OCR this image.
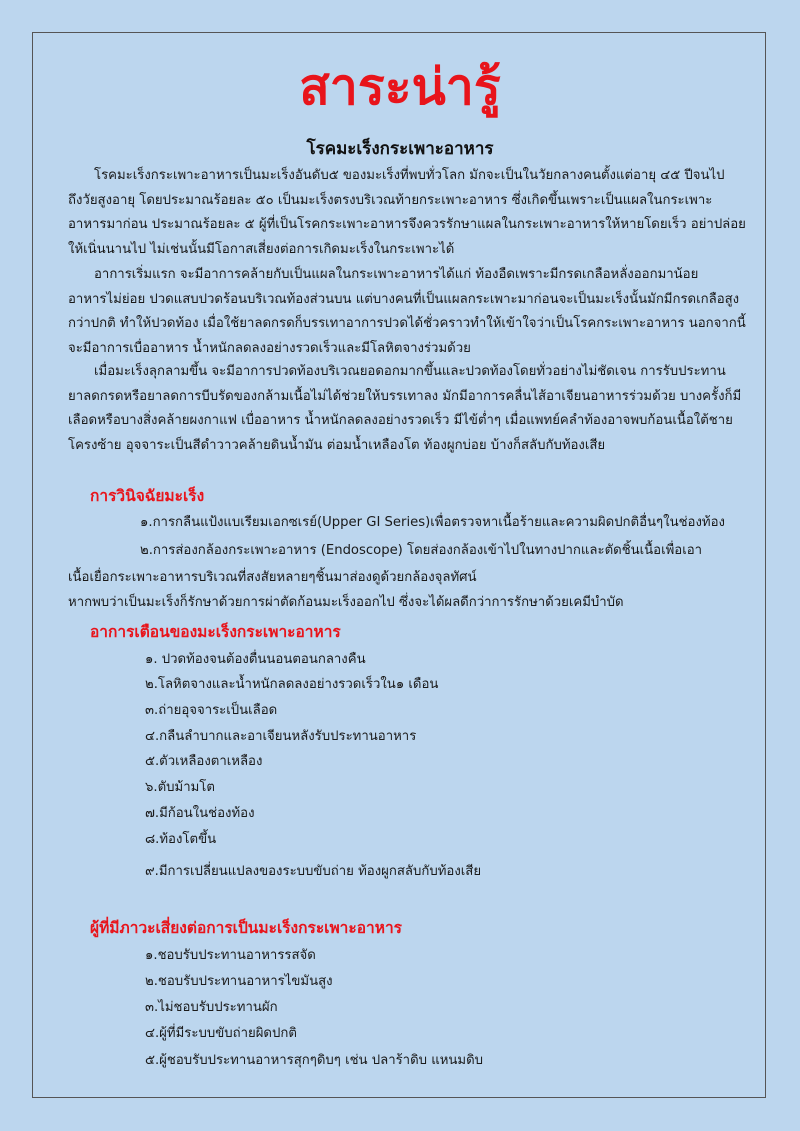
สาระน่ารู้
โรคมะเร็งกระเพาะอาหาร

โรคมะเร็งกระเพาะอาหารเป็นมะเร็งอันดับ๕ ของมะเร็งที่พบทั่วโลก มักจะเป็นในวัยกลางคนตั้งแต่อายุ ๔๕ ปีจนไป
ถึงวัยสูงอายุ โดยประมาณร้อยละ ๕๐ เป็นมะเร็งตรงบริเวณท้ายกระเพาะอาหาร ซึ่งเกิดขึ้นเพราะเป็นแผลในกระเพาะ
อาหารมาก่อน ประมาณร้อยละ ๕ ผู้ที่เป็นโรคกระเพาะอาหารจึงควรรักษาแผลในกระเพาะอาหารให้หายโดยเร็ว อย่าปล่อย
ให้เนิ่นนานไป ไม่เช่นนั้นมีโอกาสเสี่ยงต่อการเกิดมะเร็งในกระเพาะได้

อาการเริ่มแรก จะมีอาการคล้ายกับเป็นแผลในกระเพาะอาหารได้แก่ ท้องอืดเพราะมีกรดเกลือหลั่งออกมาน้อย
อาหารไม่ย่อย ปวดแสบปวดร้อนบริเวณท้องส่วนบน แต่บางคนที่เป็นแผลกระเพาะมาก่อนจะเป็นมะเร็งนั้นมักมีกรดเกลือสูง
กว่าปกติ ทำให้ปวดท้อง เมื่อใช้ยาลดกรดก็บรรเทาอาการปวดได้ชั่วคราวทำให้เข้าใจว่าเป็นโรคกระเพาะอาหาร นอกจากนี้
จะมีอาการเบื่ออาหาร น้ำหนักลดลงอย่างรวดเร็วและมีโลหิตจางร่วมด้วย

เมื่อมะเร็งลุกลามขึ้น จะมีอาการปวดท้องบริเวณยอดอกมากขึ้นและปวดท้องโดยทั่วอย่างไม่ชัดเจน การรับประทาน
ยาลดกรดหรือยาลดการบีบรัดของกล้ามเนื้อไม่ได้ช่วยให้บรรเทาลง มักมีอาการคลื่นไส้อาเจียนอาหารร่วมด้วย บางครั้งก็มี
เลือดหรือบางสิ่งคล้ายผงกาแฟ เบื่ออาหาร น้ำหนักลดลงอย่างรวดเร็ว มีไข้ต่ำๆ เมื่อแพทย์คลำท้องอาจพบก้อนเนื้อใต้ชาย
โครงซ้าย อุจจาระเป็นสีดำวาวคล้ายดินน้ำมัน ต่อมน้ำเหลืองโต ท้องผูกบ่อย บ้างก็สลับกับท้องเสีย

การวินิจฉัยมะเร็ง
๑.การกลืนแป้งแบเรียมเอกซเรย์(Upper GI Series)เพื่อตรวจหาเนื้อร้ายและความผิดปกติอื่นๆในช่องท้อง
๒.การส่องกล้องกระเพาะอาหาร (Endoscope) โดยส่องกล้องเข้าไปในทางปากและตัดชิ้นเนื้อเพื่อเอา
เนื้อเยื่อกระเพาะอาหารบริเวณที่สงสัยหลายๆชิ้นมาส่องดูด้วยกล้องจุลทัศน์
หากพบว่าเป็นมะเร็งก็รักษาด้วยการผ่าตัดก้อนมะเร็งออกไป ซึ่งจะได้ผลดีกว่าการรักษาด้วยเคมีบำบัด
อาการเตือนของมะเร็งกระเพาะอาหาร
๑. ปวดท้องจนต้องตื่นนอนตอนกลางคืน
๒.โลหิตจางและน้ำหนักลดลงอย่างรวดเร็วใน๑ เดือน
๓.ถ่ายอุจจาระเป็นเลือด
๔.กลืนลำบากและอาเจียนหลังรับประทานอาหาร
๕.ตัวเหลืองตาเหลือง
๖.ตับม้ามโต
๗.มีก้อนในช่องท้อง
๘.ท้องโตขึ้น
๙.มีการเปลี่ยนแปลงของระบบขับถ่าย ท้องผูกสลับกับท้องเสีย
ผู้ที่มีภาวะเสี่ยงต่อการเป็นมะเร็งกระเพาะอาหาร
๑.ชอบรับประทานอาหารรสจัด
๒.ชอบรับประทานอาหารไขมันสูง
๓.ไม่ชอบรับประทานผัก
๔.ผู้ที่มีระบบขับถ่ายผิดปกติ
๕.ผู้ชอบรับประทานอาหารสุกๆดิบๆ เช่น ปลาร้าดิบ แหนมดิบ
